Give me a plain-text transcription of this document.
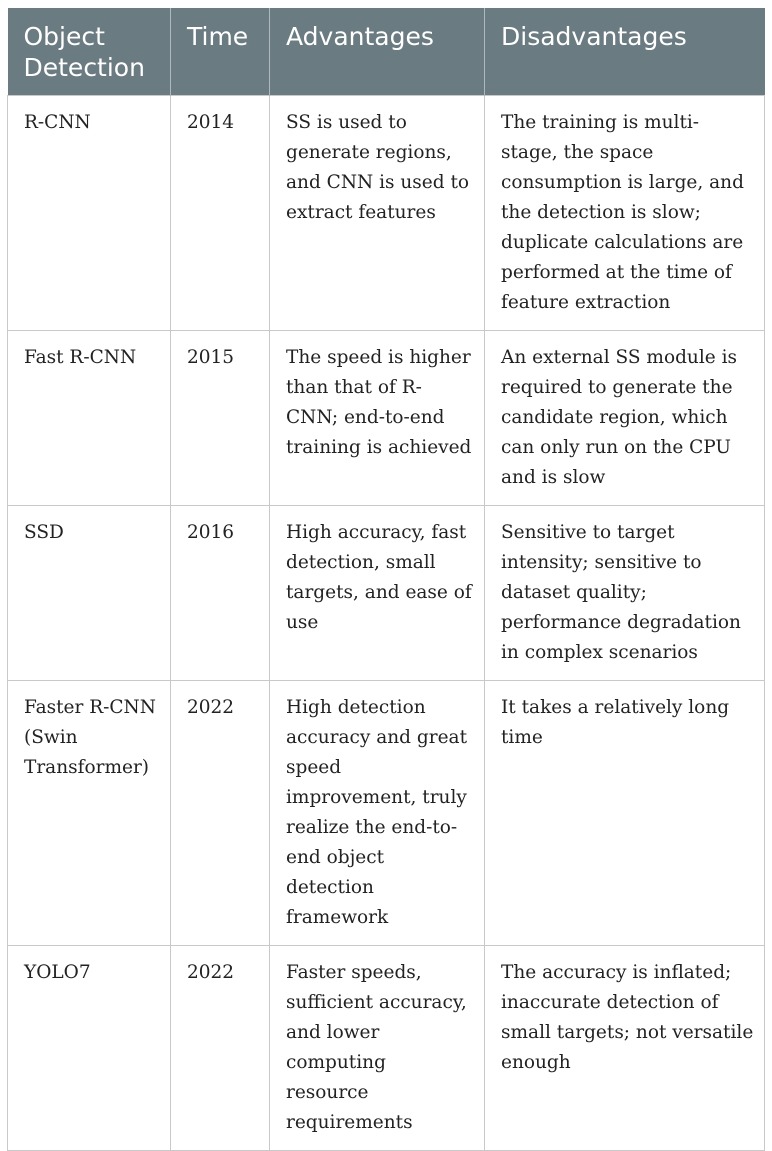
Object Detection	Time	Advantages	Disadvantages
R-CNN	2014	SS is used to generate regions, and CNN is used to extract features	The training is multi-stage, the space consumption is large, and the detection is slow; duplicate calculations are performed at the time of feature extraction
Fast R-CNN	2015	The speed is higher than that of R-CNN; end-to-end training is achieved	An external SS module is required to generate the candidate region, which can only run on the CPU and is slow
SSD	2016	High accuracy, fast detection, small targets, and ease of use	Sensitive to target intensity; sensitive to dataset quality; performance degradation in complex scenarios
Faster R-CNN (Swin Transformer)	2022	High detection accuracy and great speed improvement, truly realize the end-to-end object detection framework	It takes a relatively long time
YOLO7	2022	Faster speeds, sufficient accuracy, and lower computing resource requirements	The accuracy is inflated; inaccurate detection of small targets; not versatile enough
